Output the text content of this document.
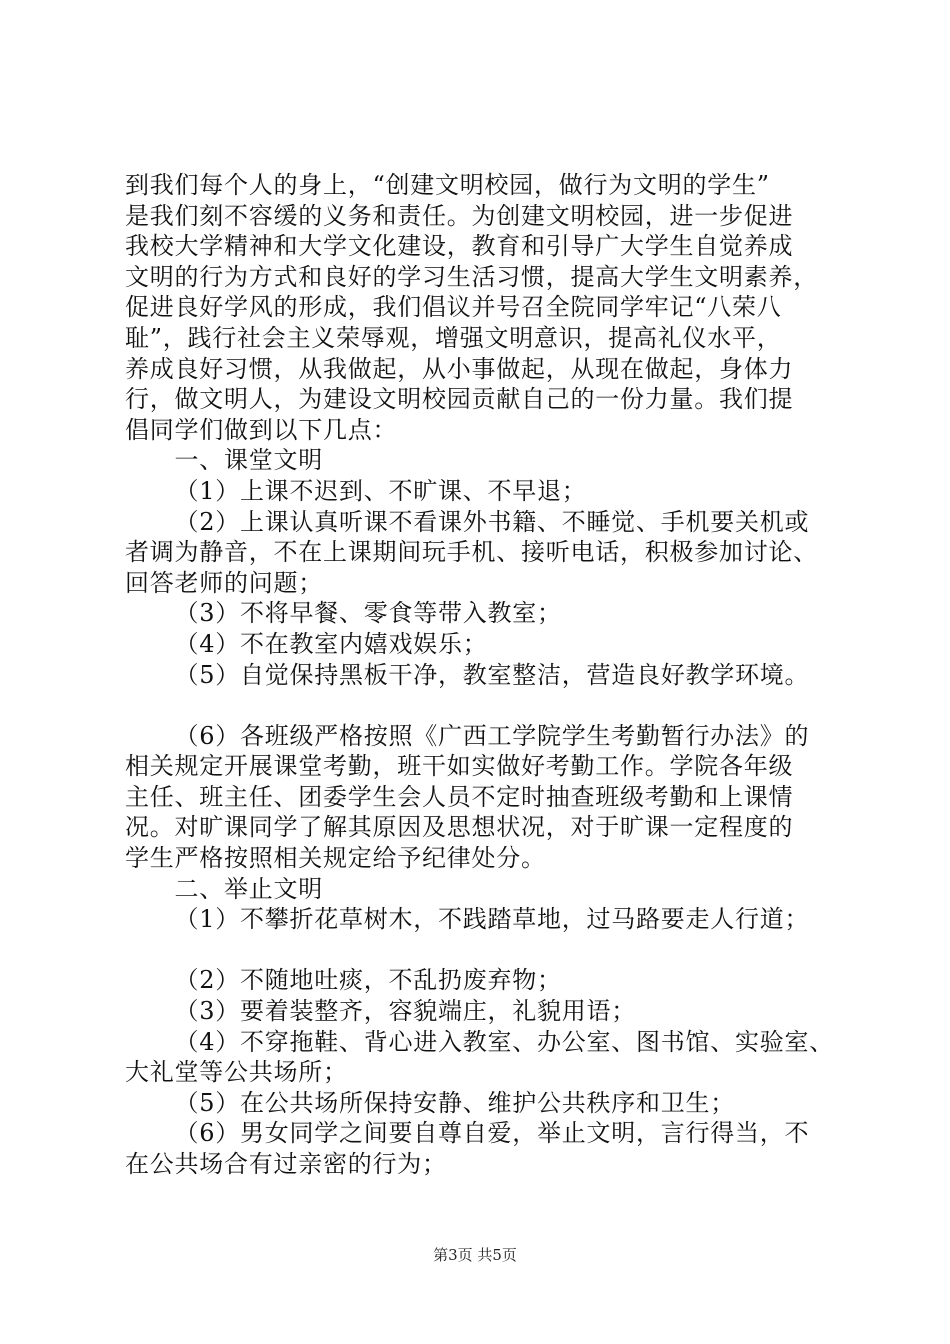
到我们每个人的身上，“创建文明校园，做行为文明的学生”
是我们刻不容缓的义务和责任。为创建文明校园，进一步促进
我校大学精神和大学文化建设，教育和引导广大学生自觉养成
文明的行为方式和良好的学习生活习惯，提高大学生文明素养，
促进良好学风的形成，我们倡议并号召全院同学牢记“八荣八
耻”，践行社会主义荣辱观，增强文明意识，提高礼仪水平，
养成良好习惯，从我做起，从小事做起，从现在做起，身体力
行，做文明人，为建设文明校园贡献自己的一份力量。我们提
倡同学们做到以下几点：
一、课堂文明
（1）上课不迟到、不旷课、不早退；
（2）上课认真听课不看课外书籍、不睡觉、手机要关机或
者调为静音，不在上课期间玩手机、接听电话，积极参加讨论、
回答老师的问题；
（3）不将早餐、零食等带入教室；
（4）不在教室内嬉戏娱乐；
（5）自觉保持黑板干净，教室整洁，营造良好教学环境。
（6）各班级严格按照《广西工学院学生考勤暂行办法》的
相关规定开展课堂考勤，班干如实做好考勤工作。学院各年级
主任、班主任、团委学生会人员不定时抽查班级考勤和上课情
况。对旷课同学了解其原因及思想状况，对于旷课一定程度的
学生严格按照相关规定给予纪律处分。
二、举止文明
（1）不攀折花草树木，不践踏草地，过马路要走人行道；
（2）不随地吐痰，不乱扔废弃物；
（3）要着装整齐，容貌端庄，礼貌用语；
（4）不穿拖鞋、背心进入教室、办公室、图书馆、实验室、
大礼堂等公共场所；
（5）在公共场所保持安静、维护公共秩序和卫生；
（6）男女同学之间要自尊自爱，举止文明，言行得当，不
在公共场合有过亲密的行为；
第3页 共5页
